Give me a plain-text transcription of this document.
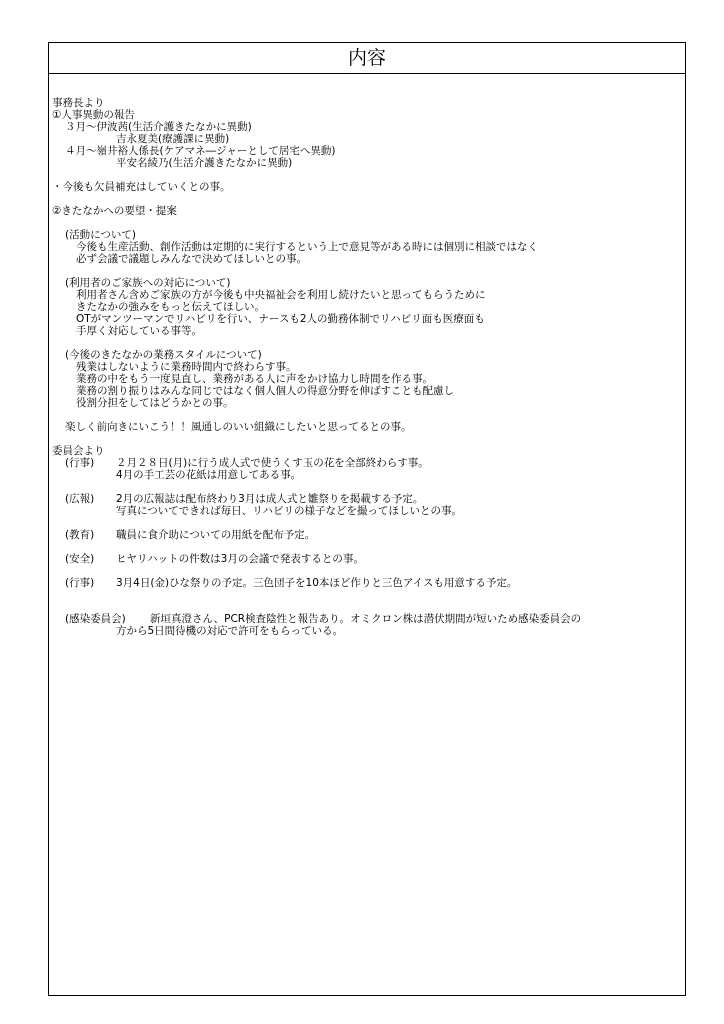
内容
事務長より
①人事異動の報告
３月～伊波茜(生活介護きたなかに異動)
吉永夏美(療護課に異動)
４月～嶺井裕人係長(ケアマネ―ジャーとして居宅へ異動)
平安名綾乃(生活介護きたなかに異動)
・今後も欠員補充はしていくとの事。
②きたなかへの要望・提案
(活動について)
今後も生産活動、創作活動は定期的に実行するという上で意見等がある時には個別に相談ではなく
必ず会議で議題しみんなで決めてほしいとの事。
(利用者のご家族への対応について)
利用者さん含めご家族の方が今後も中央福祉会を利用し続けたいと思ってもらうために
きたなかの強みをもっと伝えてほしい。
OTがマンツーマンでリハビリを行い、ナースも2人の勤務体制でリハビリ面も医療面も
手厚く対応している事等。
(今後のきたなかの業務スタイルについて)
残業はしないように業務時間内で終わらす事。
業務の中をもう一度見直し、業務がある人に声をかけ協力し時間を作る事。
業務の割り振りはみんな同じではなく個人個人の得意分野を伸ばすことも配慮し
役割分担をしてはどうかとの事。
楽しく前向きにいこう！！風通しのいい組織にしたいと思ってるとの事。
委員会より
(行事) ２月２８日(月)に行う成人式で使うくす玉の花を全部終わらす事。
4月の手工芸の花紙は用意してある事。
(広報) 2月の広報誌は配布終わり3月は成人式と雛祭りを掲載する予定。
写真についてできれば毎日、リハビリの様子などを撮ってほしいとの事。
(教育) 職員に食介助についての用紙を配布予定。
(安全) ヒヤリハットの件数は3月の会議で発表するとの事。
(行事) 3月4日(金)ひな祭りの予定。三色団子を10本ほど作りと三色アイスも用意する予定。
(感染委員会) 新垣真澄さん、PCR検査陰性と報告あり。オミクロン株は潜伏期間が短いため感染委員会の
方から5日間待機の対応で許可をもらっている。
